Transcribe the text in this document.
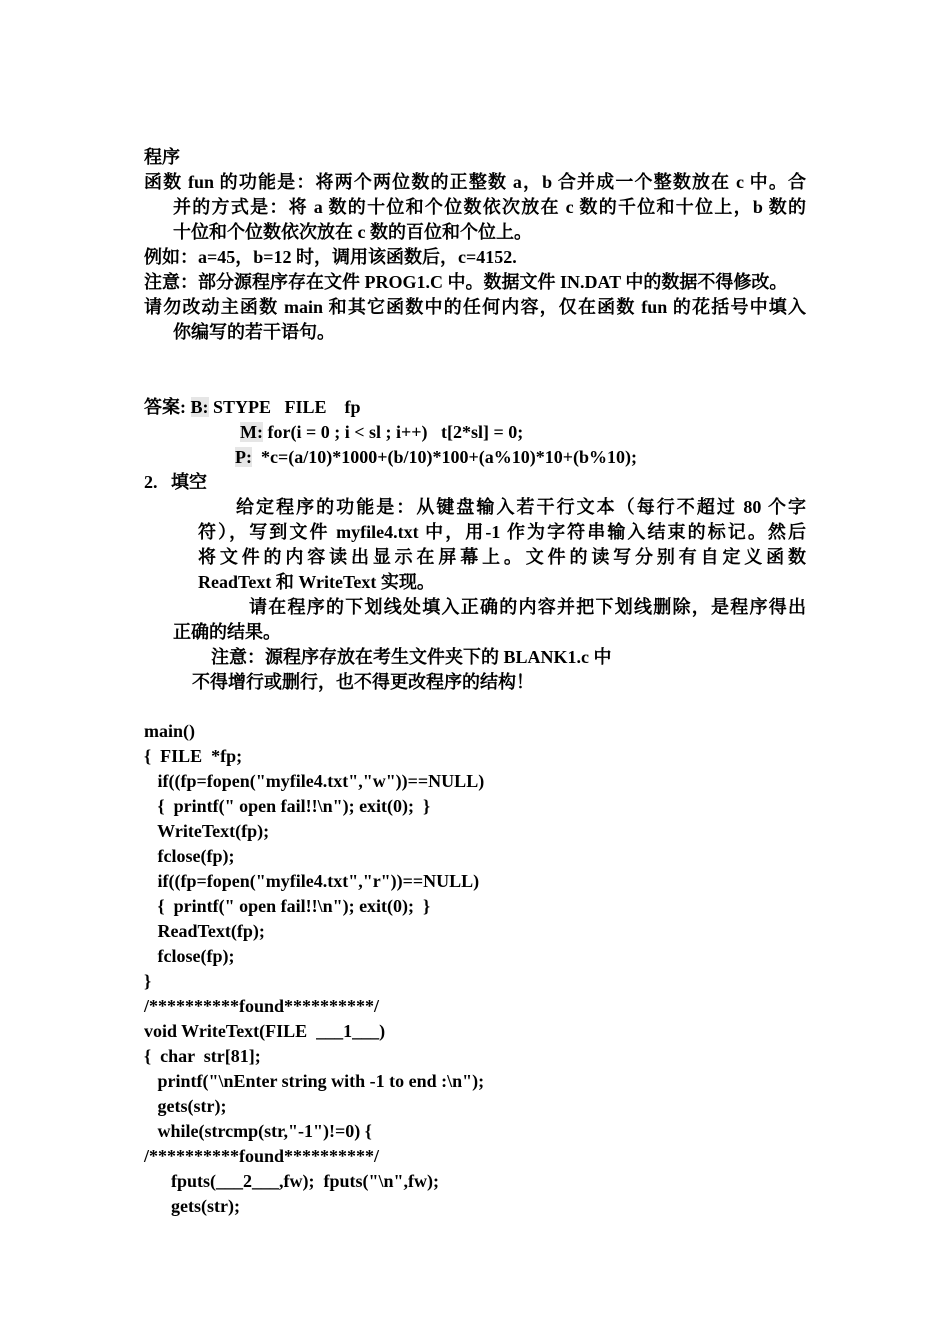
程序
函数 fun 的功能是：将两个两位数的正整数 a，b 合并成一个整数放在 c 中。合
并的方式是：将 a 数的十位和个位数依次放在 c 数的千位和十位上，b 数的
十位和个位数依次放在 c 数的百位和个位上。
例如：a=45，b=12 时，调用该函数后，c=4152.
注意：部分源程序存在文件 PROG1.C 中。数据文件 IN.DAT 中的数据不得修改。
请勿改动主函数 main 和其它函数中的任何内容，仅在函数 fun 的花括号中填入
你编写的若干语句。
答案: B: STYPE   FILE    fp
M: for(i = 0 ; i < sl ; i++)   t[2*sl] = 0;
P:  *c=(a/10)*1000+(b/10)*100+(a%10)*10+(b%10);
2.   填空
给定程序的功能是：从键盘输入若干行文本（每行不超过 80 个字
符），写到文件 myfile4.txt 中，用-1 作为字符串输入结束的标记。然后
将文件的内容读出显示在屏幕上。文件的读写分别有自定义函数
ReadText 和 WriteText 实现。
请在程序的下划线处填入正确的内容并把下划线删除，是程序得出
正确的结果。
注意：源程序存放在考生文件夹下的 BLANK1.c 中
不得增行或删行，也不得更改程序的结构！
main()
{  FILE  *fp;
if((fp=fopen("myfile4.txt","w"))==NULL)
{  printf(" open fail!!\n"); exit(0);  }
WriteText(fp);
fclose(fp);
if((fp=fopen("myfile4.txt","r"))==NULL)
{  printf(" open fail!!\n"); exit(0);  }
ReadText(fp);
fclose(fp);
}
/**********found**********/
void WriteText(FILE  ___1___)
{  char  str[81];
printf("\nEnter string with -1 to end :\n");
gets(str);
while(strcmp(str,"-1")!=0) {
/**********found**********/
fputs(___2___,fw);  fputs("\n",fw);
gets(str);
